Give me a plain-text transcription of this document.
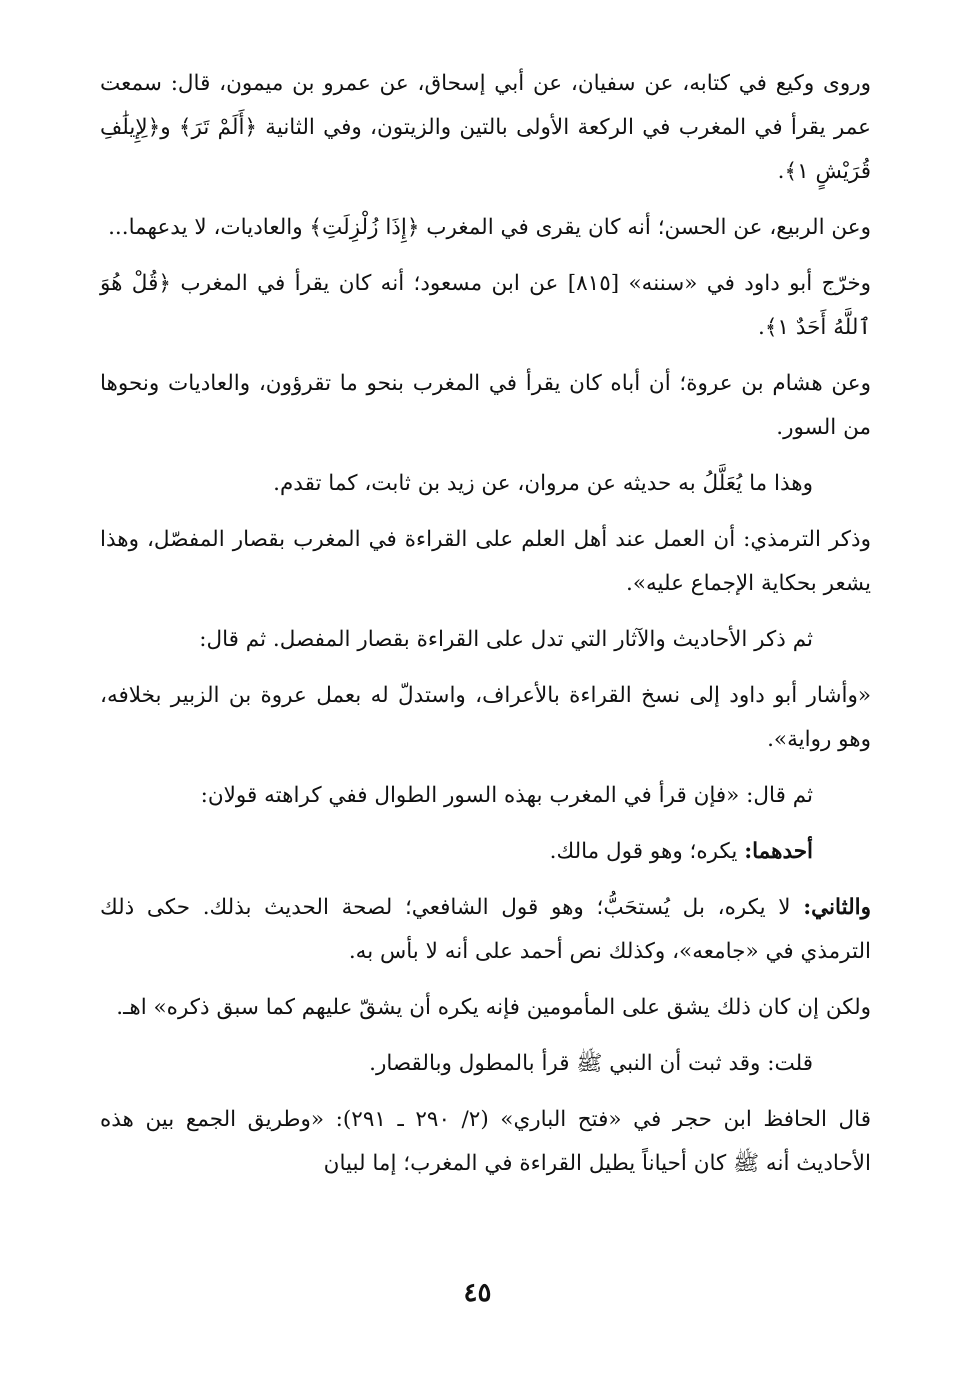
وروى وكيع في كتابه، عن سفيان، عن أبي إسحاق، عن عمرو بن ميمون، قال: سمعت عمر يقرأ في المغرب في الركعة الأولى بالتين والزيتون، وفي الثانية ﴿أَلَمْ تَرَ﴾ و﴿لِإِيلَٰفِ قُرَيْشٍ ١﴾.

وعن الربيع، عن الحسن؛ أنه كان يقرى في المغرب ﴿إِذَا زُلْزِلَتِ﴾ والعاديات، لا يدعهما...

وخرّج أبو داود في «سننه» [٨١٥] عن ابن مسعود؛ أنه كان يقرأ في المغرب ﴿قُلْ هُوَ ٱللَّهُ أَحَدٌ ١﴾.

وعن هشام بن عروة؛ أن أباه كان يقرأ في المغرب بنحو ما تقرؤون، والعاديات ونحوها من السور.

وهذا ما يُعَلَّلُ به حديثه عن مروان، عن زيد بن ثابت، كما تقدم.

وذكر الترمذي: أن العمل عند أهل العلم على القراءة في المغرب بقصار المفصّل، وهذا يشعر بحكاية الإجماع عليه».

ثم ذكر الأحاديث والآثار التي تدل على القراءة بقصار المفصل. ثم قال:

«وأشار أبو داود إلى نسخ القراءة بالأعراف، واستدلّ له بعمل عروة بن الزبير بخلافه، وهو رواية».

ثم قال: «فإن قرأ في المغرب بهذه السور الطوال ففي كراهته قولان:

أحدهما: يكره؛ وهو قول مالك.

والثاني: لا يكره، بل يُستحَبُّ؛ وهو قول الشافعي؛ لصحة الحديث بذلك. حكى ذلك الترمذي في «جامعه»، وكذلك نص أحمد على أنه لا بأس به.

ولكن إن كان ذلك يشق على المأمومين فإنه يكره أن يشقّ عليهم كما سبق ذكره» اهـ.

قلت: وقد ثبت أن النبي ﷺ قرأ بالمطول وبالقصار.

قال الحافظ ابن حجر في «فتح الباري» (٢/ ٢٩٠ ـ ٢٩١): «وطريق الجمع بين هذه الأحاديث أنه ﷺ كان أحياناً يطيل القراءة في المغرب؛ إما لبيان

٤٥
